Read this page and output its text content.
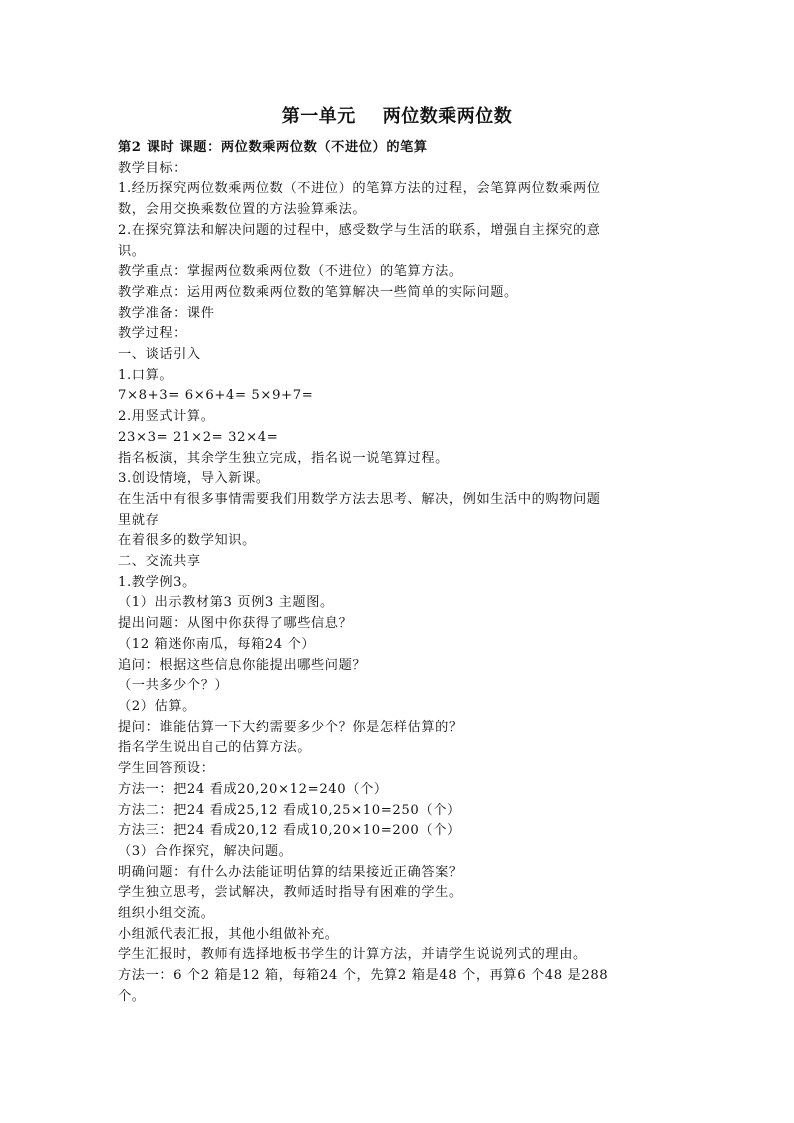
第一单元    两位数乘两位数

第2 课时 课题：两位数乘两位数（不进位）的笔算

教学目标：

1.经历探究两位数乘两位数（不进位）的笔算方法的过程，会笔算两位数乘两位

数，会用交换乘数位置的方法验算乘法。

2.在探究算法和解决问题的过程中，感受数学与生活的联系，增强自主探究的意

识。

教学重点：掌握两位数乘两位数（不进位）的笔算方法。

教学难点：运用两位数乘两位数的笔算解决一些简单的实际问题。

教学准备：课件

教学过程：

一、谈话引入

1.口算。

7×8+3= 6×6+4= 5×9+7=

2.用竖式计算。

23×3= 21×2= 32×4=

指名板演，其余学生独立完成，指名说一说笔算过程。

3.创设情境，导入新课。

在生活中有很多事情需要我们用数学方法去思考、解决，例如生活中的购物问题

里就存

在着很多的数学知识。

二、交流共享

1.教学例3。

（1）出示教材第3 页例3 主题图。

提出问题：从图中你获得了哪些信息？

（12 箱迷你南瓜，每箱24 个）

追问：根据这些信息你能提出哪些问题？

（一共多少个？）

（2）估算。

提问：谁能估算一下大约需要多少个？你是怎样估算的？

指名学生说出自己的估算方法。

学生回答预设：

方法一：把24 看成20,20×12=240（个）

方法二：把24 看成25,12 看成10,25×10=250（个）

方法三：把24 看成20,12 看成10,20×10=200（个）

（3）合作探究，解决问题。

明确问题：有什么办法能证明估算的结果接近正确答案？

学生独立思考，尝试解决，教师适时指导有困难的学生。

组织小组交流。

小组派代表汇报，其他小组做补充。

学生汇报时，教师有选择地板书学生的计算方法，并请学生说说列式的理由。

方法一：6 个2 箱是12 箱，每箱24 个，先算2 箱是48 个，再算6 个48 是288

个。
